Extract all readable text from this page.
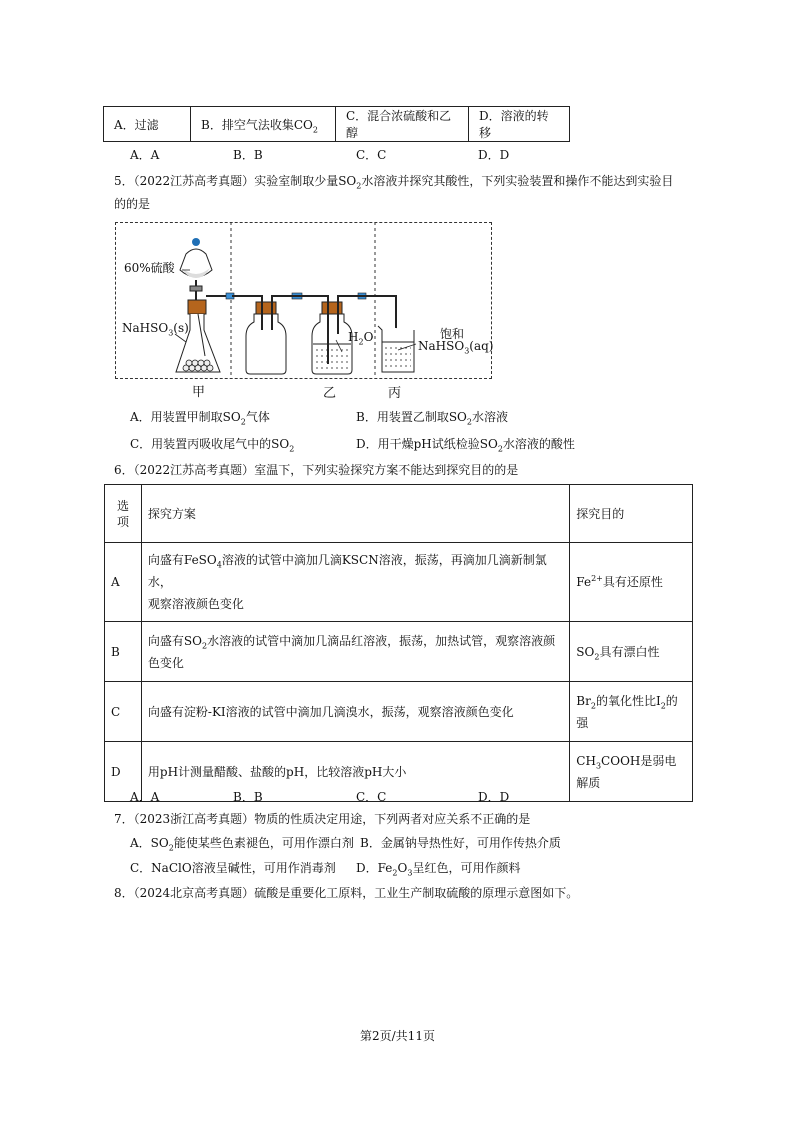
A．过滤	B．排空气法收集$CO_2$	C．混合浓硫酸和乙醇	D．溶液的转移
A．A	B．B	C．C	D．D
5．（2022江苏高考真题）实验室制取少量$SO_2$水溶液并探究其酸性，下列实验装置和操作不能达到实验目
的的是
60%硫酸
NaHSO$_3$(s)
$H_2O$	饱和
NaHSO$_3$(aq)
甲	乙	丙
A．用装置甲制取$SO_2$气体	B．用装置乙制取$SO_2$水溶液
C．用装置丙吸收尾气中的$SO_2$	D．用干燥pH试纸检验$SO_2$水溶液的酸性
6．（2022江苏高考真题）室温下，下列实验探究方案不能达到探究目的的是
选
项	探究方案	探究目的
A	向盛有FeSO$_4$溶液的试管中滴加几滴KSCN溶液，振荡，再滴加几滴新制氯水，
观察溶液颜色变化	$Fe^{2+}$具有还原性
B	向盛有$SO_2$水溶液的试管中滴加几滴品红溶液，振荡，加热试管，观察溶液颜
色变化	$SO_2$具有漂白性
C	向盛有淀粉-KI溶液的试管中滴加几滴溴水，振荡，观察溶液颜色变化	$Br_2$的氧化性比$I_2$的
强
D	用pH计测量醋酸、盐酸的pH，比较溶液pH大小	$CH_3COOH$是弱电
解质
A．A	B．B	C．C	D．D
7．（2023浙江高考真题）物质的性质决定用途，下列两者对应关系不正确的是
A．$SO_2$能使某些色素褪色，可用作漂白剂 B．金属钠导热性好，可用作传热介质
C．NaClO溶液呈碱性，可用作消毒剂 D．$Fe_2O_3$呈红色，可用作颜料
8．（2024北京高考真题）硫酸是重要化工原料，工业生产制取硫酸的原理示意图如下。
第2页/共11页
